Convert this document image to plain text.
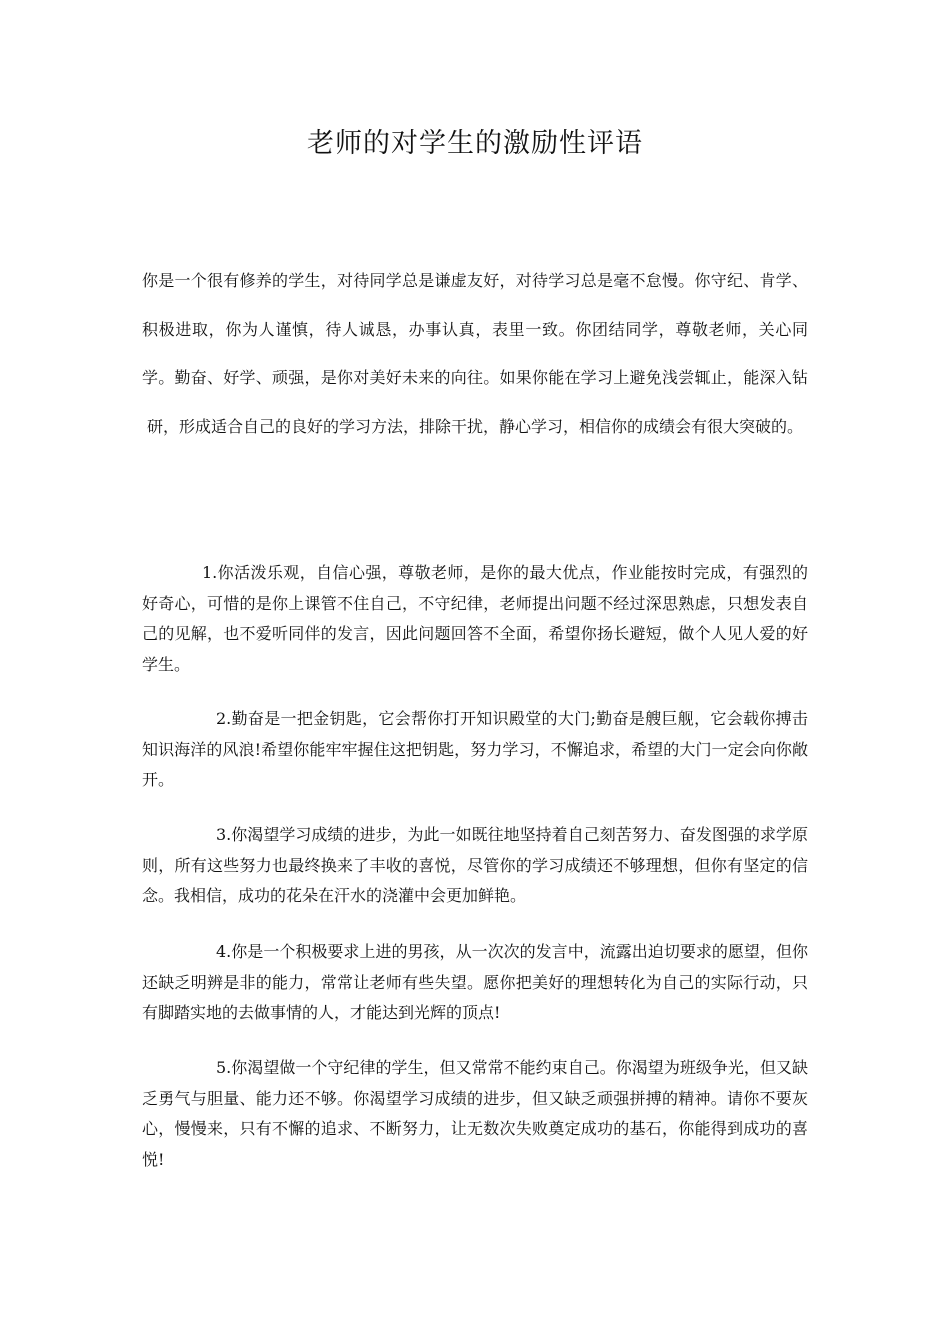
老师的对学生的激励性评语

你是一个很有修养的学生，对待同学总是谦虚友好，对待学习总是毫不怠慢。你守纪、肯学、积极进取，你为人谨慎，待人诚恳，办事认真，表里一致。你团结同学，尊敬老师，关心同学。勤奋、好学、顽强，是你对美好未来的向往。如果你能在学习上避免浅尝辄止，能深入钻研，形成适合自己的良好的学习方法，排除干扰，静心学习，相信你的成绩会有很大突破的。

1.你活泼乐观，自信心强，尊敬老师，是你的最大优点，作业能按时完成，有强烈的好奇心，可惜的是你上课管不住自己，不守纪律，老师提出问题不经过深思熟虑，只想发表自己的见解，也不爱听同伴的发言，因此问题回答不全面，希望你扬长避短，做个人见人爱的好学生。

2.勤奋是一把金钥匙，它会帮你打开知识殿堂的大门;勤奋是艘巨舰，它会载你搏击知识海洋的风浪!希望你能牢牢握住这把钥匙，努力学习，不懈追求，希望的大门一定会向你敞开。

3.你渴望学习成绩的进步，为此一如既往地坚持着自己刻苦努力、奋发图强的求学原则，所有这些努力也最终换来了丰收的喜悦，尽管你的学习成绩还不够理想，但你有坚定的信念。我相信，成功的花朵在汗水的浇灌中会更加鲜艳。

4.你是一个积极要求上进的男孩，从一次次的发言中，流露出迫切要求的愿望，但你还缺乏明辨是非的能力，常常让老师有些失望。愿你把美好的理想转化为自己的实际行动，只有脚踏实地的去做事情的人，才能达到光辉的顶点!

5.你渴望做一个守纪律的学生，但又常常不能约束自己。你渴望为班级争光，但又缺乏勇气与胆量、能力还不够。你渴望学习成绩的进步，但又缺乏顽强拼搏的精神。请你不要灰心，慢慢来，只有不懈的追求、不断努力，让无数次失败奠定成功的基石，你能得到成功的喜悦!
